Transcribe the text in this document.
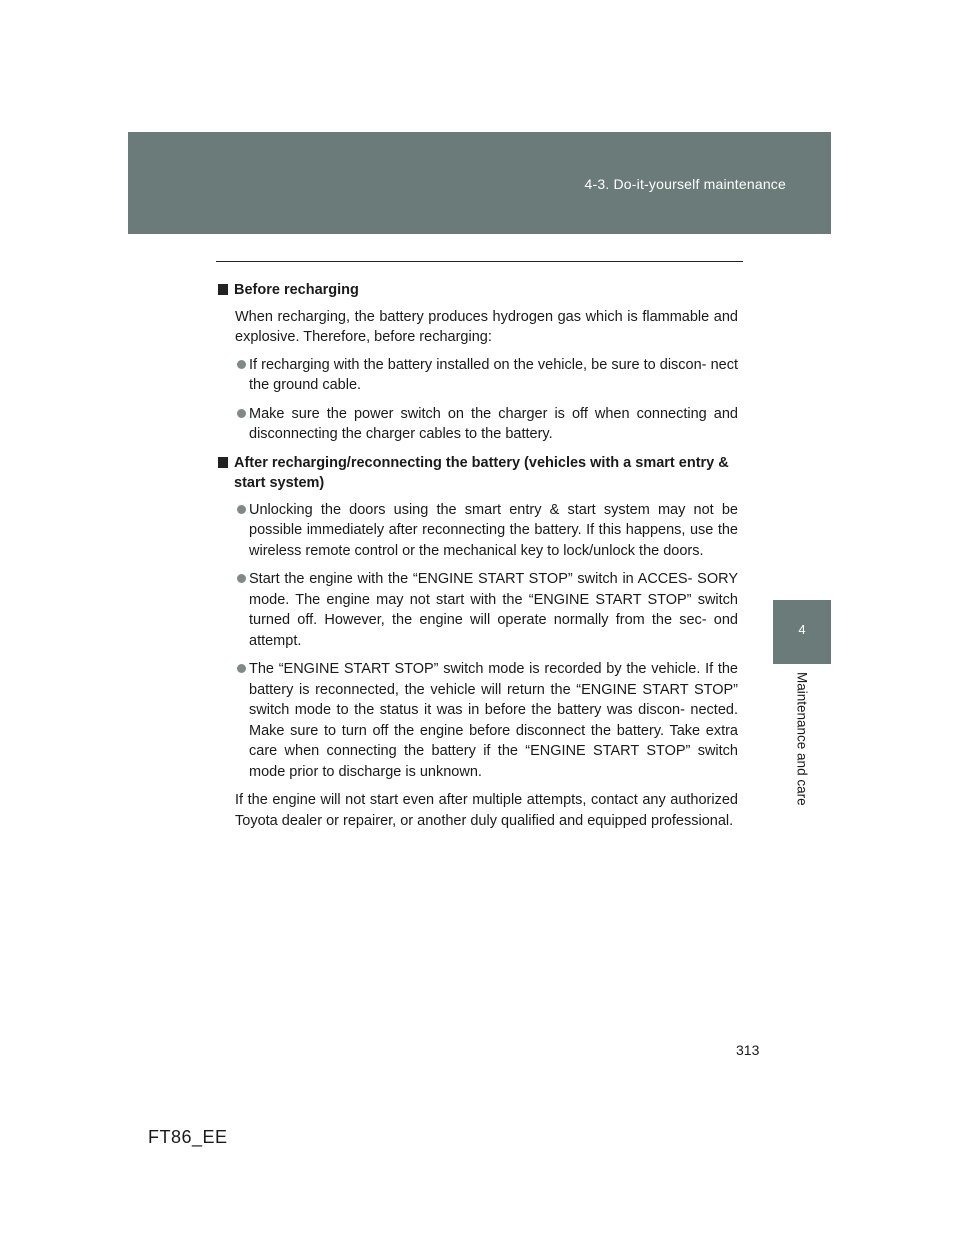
4-3. Do-it-yourself maintenance
4
Maintenance and care
Before recharging
When recharging, the battery produces hydrogen gas which is flammable and explosive. Therefore, before recharging:
If recharging with the battery installed on the vehicle, be sure to discon- nect the ground cable.
Make sure the power switch on the charger is off when connecting and disconnecting the charger cables to the battery.
After recharging/reconnecting the battery (vehicles with a smart entry & start system)
Unlocking the doors using the smart entry & start system may not be possible immediately after reconnecting the battery. If this happens, use the wireless remote control or the mechanical key to lock/unlock the doors.
Start the engine with the “ENGINE START STOP” switch in ACCES- SORY mode. The engine may not start with the “ENGINE START STOP” switch turned off. However, the engine will operate normally from the sec- ond attempt.
The “ENGINE START STOP” switch mode is recorded by the vehicle. If the battery is reconnected, the vehicle will return the “ENGINE START STOP” switch mode to the status it was in before the battery was discon- nected. Make sure to turn off the engine before disconnect the battery. Take extra care when connecting the battery if the “ENGINE START STOP” switch mode prior to discharge is unknown.
If the engine will not start even after multiple attempts, contact any authorized Toyota dealer or repairer, or another duly qualified and equipped professional.
313
FT86_EE
